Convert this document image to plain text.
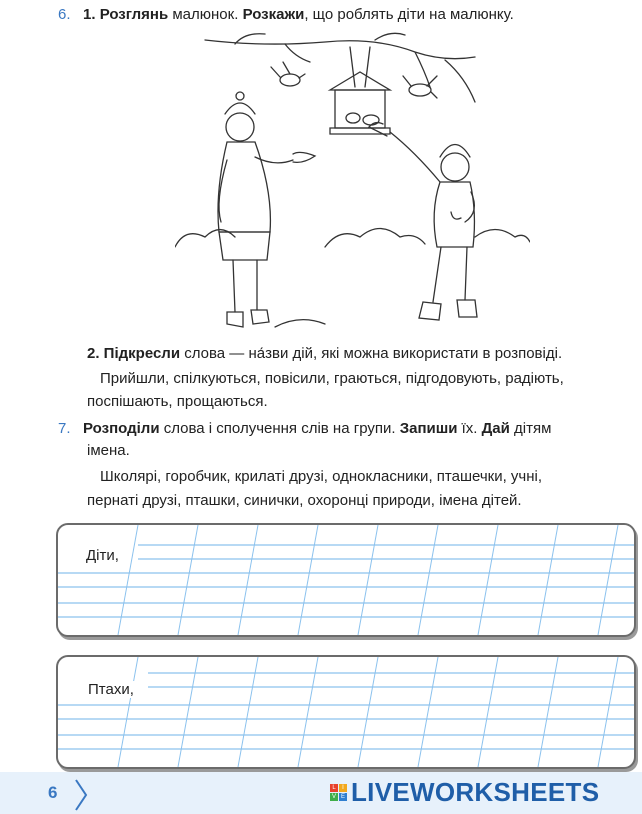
6. 1. Розглянь малюнок. Розкажи, що роблять діти на малюнку.
2. Підкресли слова — на́зви дій, які можна використати в розповіді.
Прийшли, спілкуються, повісили, граються, підгодовують, радіють,
поспішають, прощаються.
7. Розподіли слова і сполучення слів на групи. Запиши їх. Дай дітям
імена.
Школярі, горобчик, крилаті друзі, однокласники, пташечки, учні,
пернаті друзі, пташки, синички, охоронці природи, імена дітей.
Діти,
Птахи,
6	L	I
V E LIVEWORKSHEETS
